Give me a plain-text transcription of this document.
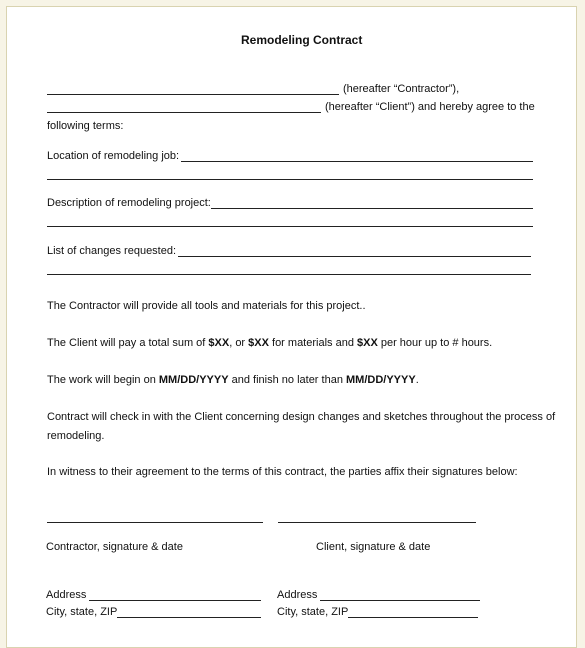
Remodeling Contract
(hereafter “Contractor”),
(hereafter “Client”) and hereby agree to the
following terms:
Location of remodeling job:
Description of remodeling project:
List of changes requested:
The Contractor will provide all tools and materials for this project..
The Client will pay a total sum of $XX, or $XX for materials and $XX per hour up to # hours.
The work will begin on MM/DD/YYYY and finish no later than MM/DD/YYYY.
Contract will check in with the Client concerning design changes and sketches throughout the process of
remodeling.
In witness to their agreement to the terms of this contract, the parties affix their signatures below:
Contractor, signature & date	Client, signature & date
Address
City, state, ZIP
Address
City, state, ZIP
